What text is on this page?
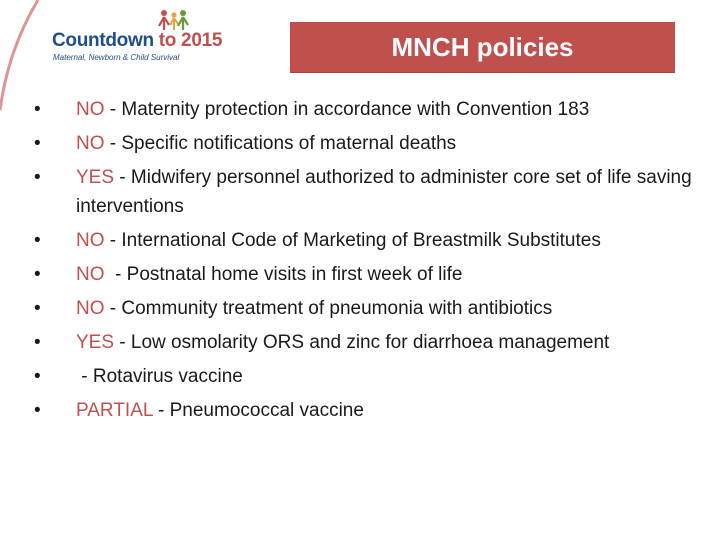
Countdown to 2015
Maternal, Newborn & Child Survival	MNCH policies
•	NO - Maternity protection in accordance with Convention 183
•	NO - Specific notifications of maternal deaths
•	YES - Midwifery personnel authorized to administer core set of life saving interventions
•	NO - International Code of Marketing of Breastmilk Substitutes
•	NO  - Postnatal home visits in first week of life
•	NO - Community treatment of pneumonia with antibiotics
•	YES - Low osmolarity ORS and zinc for diarrhoea management
•	- Rotavirus vaccine
•	PARTIAL - Pneumococcal vaccine
